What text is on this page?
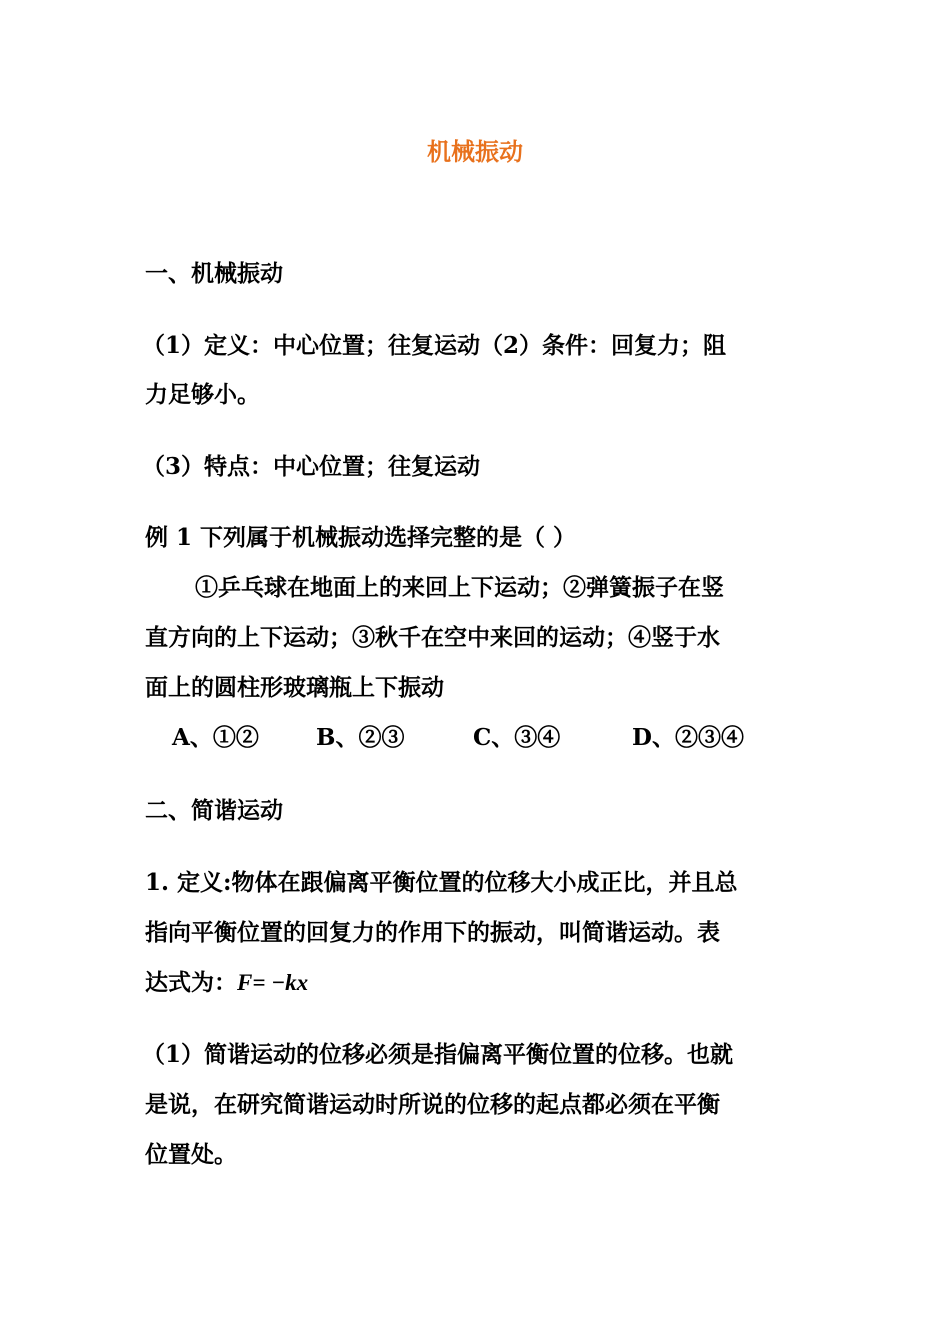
机械振动
一、机械振动
（1）定义：中心位置；往复运动（2）条件：回复力；阻
力足够小。
（3）特点：中心位置；往复运动
例 1 下列属于机械振动选择完整的是（ ）
①乒乓球在地面上的来回上下运动；②弹簧振子在竖
直方向的上下运动；③秋千在空中来回的运动；④竖于水
面上的圆柱形玻璃瓶上下振动
A、①② B、②③	C、③④	D、②③④
二、简谐运动
1. 定义:物体在跟偏离平衡位置的位移大小成正比，并且总
指向平衡位置的回复力的作用下的振动，叫简谐运动。表
达式为：F= −kx
（1）简谐运动的位移必须是指偏离平衡位置的位移。也就
是说，在研究简谐运动时所说的位移的起点都必须在平衡
位置处。
